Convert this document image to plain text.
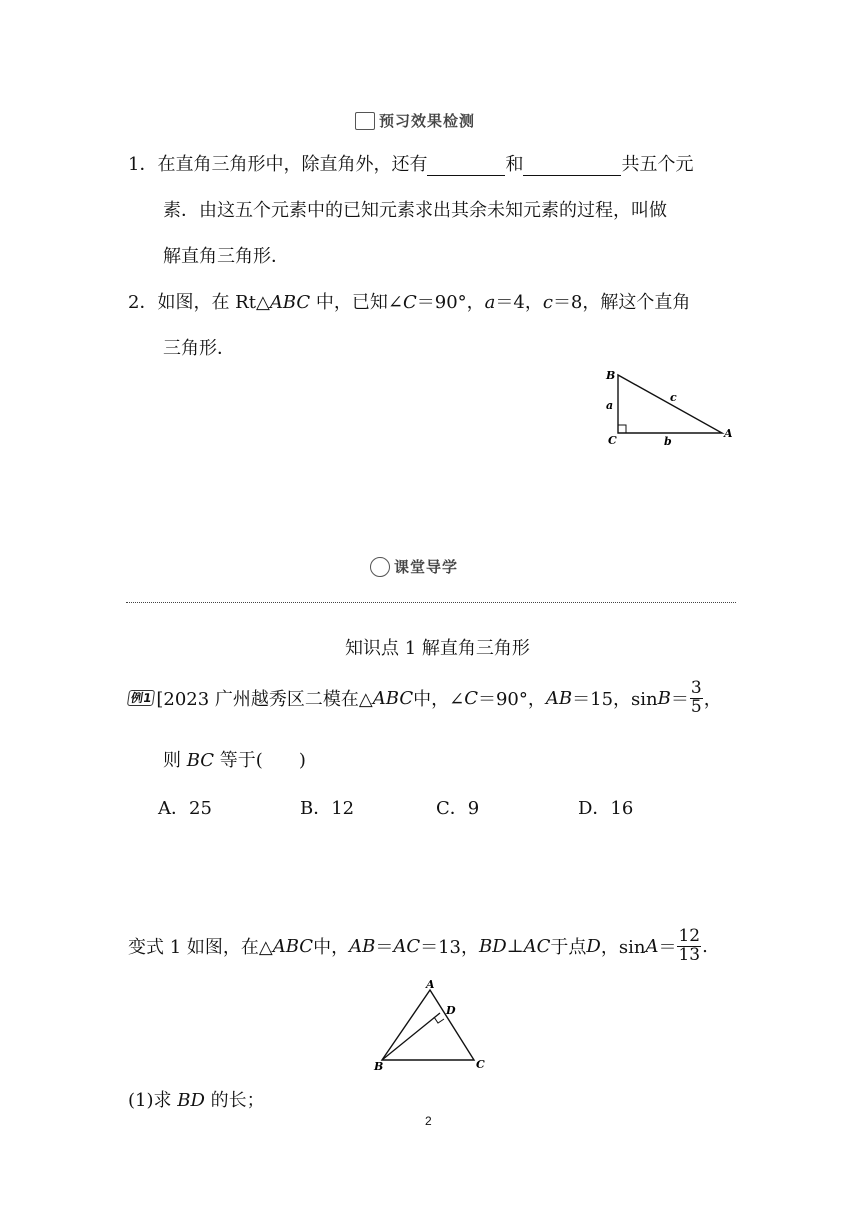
预习效果检测
1．在直角三角形中，除直角外，还有	和	共五个元
素．由这五个元素中的已知元素求出其余未知元素的过程，叫做
解直角三角形．
2．如图，在 Rt△ABC 中，已知∠C＝90°，a＝4，c＝8，解这个直角
三角形．
B
C
A
a
b
c
课堂导学
知识点 1 解直角三角形
例1 [2023 广州越秀区二模在△ ABC 中，∠ C ＝90°， AB ＝15，$\sin B = \frac{3}{5}$ ，
则 BC 等于(　　)
A．25	B．12	C．9	D．16
变式 1 如图，在△ ABC 中， AB ＝ AC ＝13， BD ⊥ AC 于点 D ，$\sin A = \frac{12}{13}$ .
A
B	C
D
(1)求 BD 的长；
2
